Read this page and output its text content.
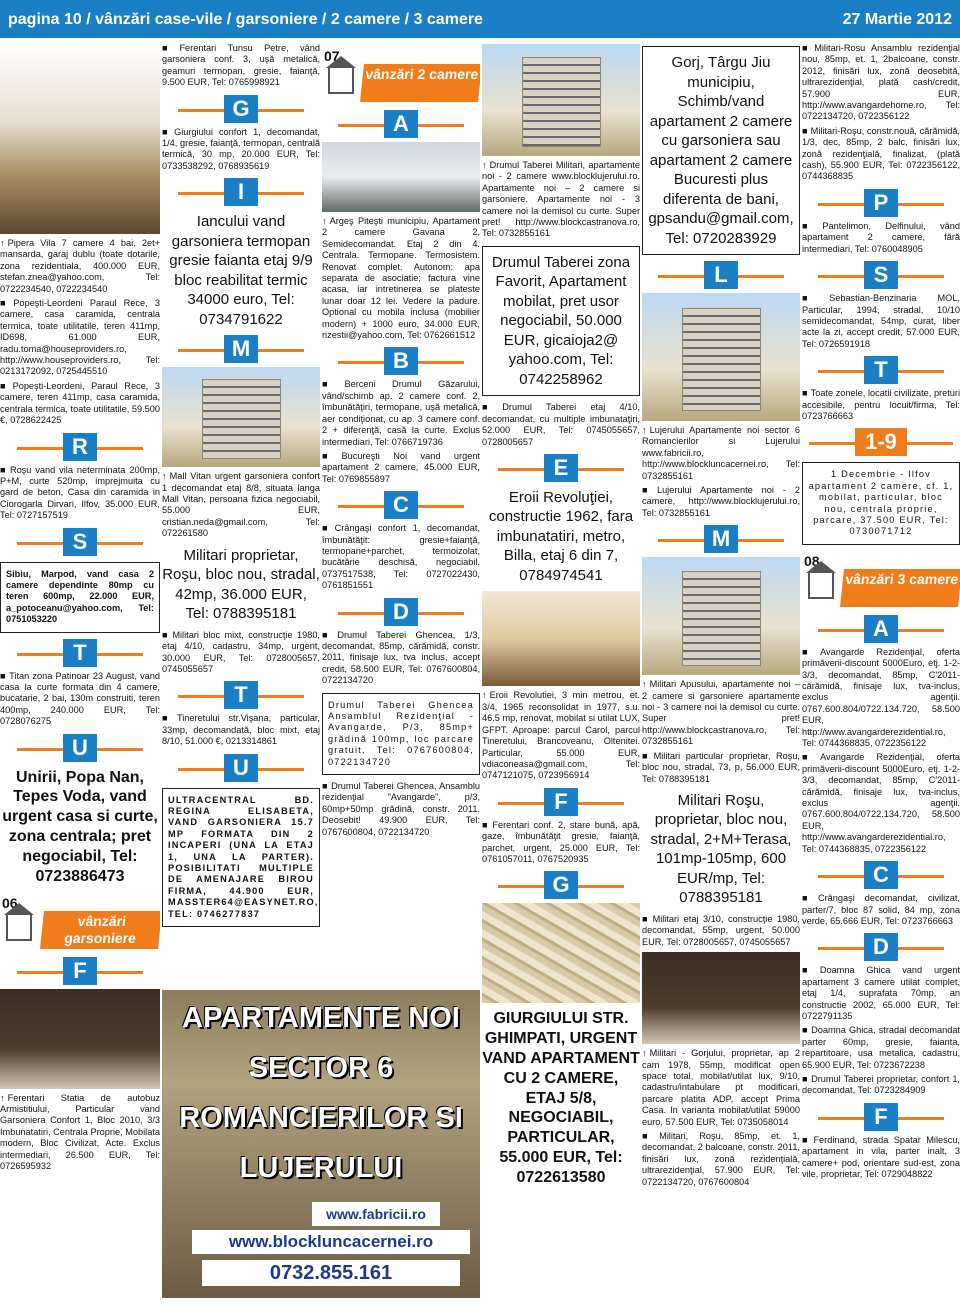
pagina 10 / vânzări case-vile / garsoniere / 2 camere / 3 camere	27 Martie 2012
↑ Pipera Vila 7 camere 4 bai, 2et+ mansarda, garaj dublu (toate dotarile, zona rezidentiala, 400.000 EUR, stefan.znea@yahoo.com, Tel: 0722234540, 0722234540
■ Popeşti-Leordeni Paraul Rece, 3 camere, casa caramida, centrala termica, toate utilitatile, teren 411mp, ID698, 61.000 EUR, radu.toma@houseproviders.ro, http://www.houseproviders.ro, Tel: 0213172092, 0725445510
■ Popeşti-Leordeni, Paraul Rece, 3 camere, teren 411mp, casa caramida, centrala termica, toate utilitatile, 59.500 €, 0728622425
R
■ Roşu vand vila neterminata 200mp, P+M, curte 520mp, imprejmuita cu gard de beton, Casa din caramida in Ciorogarla Dirvari, Ilfov, 35.000 EUR, Tel: 0727157519
S
Sibiu, Marpod, vand casa 2 camere dependinte 80mp cu teren 600mp, 22.000 EUR, a_potoceanu@yahoo.com, Tel: 0751053220
T
■ Titan zona Patinoar 23 August, vand casa la curte formata din 4 camere, bucatarie, 2 bai, 130m construiti, teren 400mp, 240.000 EUR, Tel: 0728076275
U
Unirii, Popa Nan, Tepes Voda, vand urgent casa si curte, zona centrala; pret negociabil, Tel: 0723886473
06
vânzări garsoniere
F
↑ Ferentari Statia de autobuz Armistitiului, Particular vand Garsoniera Confort 1, Bloc 2010, 3/3 Imbunatatiri, Centrala Proprie, Mobilata modern, Bloc Civilizat, Acte. Exclus intermediari, 26.500 EUR, Tel: 0726595932
■ Ferentari Tunsu Petre, vând garsoniera conf. 3, uşă metalică, geamuri termopan, gresie, faianţă, 9.500 EUR, Tel: 0765998921
G
■ Giurgiului confort 1, decomandat, 1/4, gresie, faianţă, termopan, centrală termică, 30 mp, 20.000 EUR, Tel: 0733538292, 0768935619
I
Iancului vand garsoniera termopan gresie faianta etaj 9/9 bloc reabilitat termic 34000 euro, Tel: 0734791622
M
↑ Mall Vitan urgent garsoniera confort 1 decomandat etaj 8/8, situata langa Mall Vitan, persoana fizica negociabil, 55.000 EUR, cristian.neda@gmail.com, Tel: 072261580
Militari proprietar, Roşu, bloc nou, stradal, 42mp, 36.000 EUR, Tel: 0788395181
■ Militari bloc mixt, construcţie 1980, etaj 4/10, cadastru, 34mp, urgent, 30.000 EUR, Tel: 0728005657, 0745055657
T
■ Tineretului str.Vişana, particular, 33mp, decomandată, bloc mixt, etaj 8/10, 51.000 €, 0213314861
U
ULTRACENTRAL BD. REGINA ELISABETA, VAND GARSONIERA 15.7 MP FORMATA DIN 2 INCAPERI (UNA LA ETAJ 1, UNA LA PARTER). POSIBILITATI MULTIPLE DE AMENAJARE BIROU FIRMA, 44.900 EUR, MASSTER64@EASYNET.RO, TEL: 0746277837
07
vânzări 2 camere
A
↑ Argeş Piteşti municipiu, Apartament 2 camere Gavana 2, Semidecomandat. Etaj 2 din 4. Centrala. Termopane. Termosistem. Renovat complet. Autonom: apa separata de asociatie; factura vine acasa, iar intretinerea se plateste lunar doar 12 lei. Vedere la padure. Optional cu mobila inclusa (mobilier modern) + 1000 euro, 34.000 EUR, rizestii@yahoo.com, Tel: 0762661512
B
■ Berceni Drumul Găzarului, vând/schimb ap. 2 camere conf. 2, îmbunătăţiri, termopane, uşă metalică, aer condiţionat, cu ap. 3 camere conf. 2 + diferenţă, casă la curte. Exclus intermediari, Tel: 0766719736
■ Bucureşti Noi vand urgent apartament 2 camere, 45.000 EUR, Tel: 0769855897
C
■ Crângaşi confort 1, decomandat, îmbunătăţit: gresie+faianţă, termopane+parchet, termoizolat, bucătărie deschisă, negociabil. 0737517538, Tel: 0727022430, 0761851551
D
■ Drumul Taberei Ghencea, 1/3, decomandat, 85mp, cărămidă, constr. 2011, finisaje lux, tva inclus, accept credit, 58.500 EUR, Tel: 0767600804, 0722134720
Drumul Taberei Ghencea Ansamblul Rezidenţial - Avangarde, P/3, 85mp+ grădină 100mp, loc parcare gratuit, Tel: 0767600804, 0722134720
■ Drumul Taberei Ghencea, Ansamblu rezidenţial "Avangarde", p/3, 60mp+50mp grădină, constr. 2011. Deosebit! 49.900 EUR, Tel: 0767600804, 0722134720
↑ Drumul Taberei Militari, apartamente noi - 2 camere www.blocklujerului.ro. Apartamente noi – 2 camere si garsoniere. Apartamente noi - 3 camere noi la demisol cu curte. Super pret! http://www.blockcastranova.ro, Tel: 0732855161
Drumul Taberei zona Favorit, Apartament mobilat, pret usor negociabil, 50.000 EUR, gicaioja2@ yahoo.com, Tel: 0742258962
■ Drumul Taberei etaj 4/10, decomandat, cu multiple imbunataţiri, 52.000 EUR, Tel: 0745055657, 0728005657
E
Eroii Revoluţiei, constructie 1962, fara imbunatatiri, metro, Billa, etaj 6 din 7, 0784974541
↑ Eroii Revolutiei, 3 min metrou, et. 3/4, 1965 reconsolidat in 1977, s.u. 46.5 mp, renovat, mobilat si utilat LUX, GFPT. Aproape: parcul Carol, parcul Tineretului, Brancoveanu, Oltenitei. Particular, 55.000 EUR, vdiaconeasa@gmail.com, Tel: 0747121075, 0723956914
F
■ Ferentari conf. 2, stare bună, apă, gaze, îmbunătăţit gresie, faianţă, parchet, urgent, 25.000 EUR, Tel: 0761057011, 0767520935
G
GIURGIULUI STR. GHIMPATI, URGENT VAND APARTAMENT CU 2 CAMERE, ETAJ 5/8, NEGOCIABIL, PARTICULAR, 55.000 EUR, Tel: 0722613580
APARTAMENTE NOI
SECTOR 6
ROMANCIERILOR SI
LUJERULUI
www.fabricii.ro
www.blockluncacernei.ro
0732.855.161
Gorj, Târgu Jiu municipiu, Schimb/vand apartament 2 camere cu garsoniera sau apartament 2 camere Bucuresti plus diferenta de bani, gpsandu@gmail.com, Tel: 0720283929
L
↑ Lujerului Apartamente noi sector 6 Romancierilor si Lujerului www.fabricii.ro, http://www.blockluncacernei.ro, Tel: 0732855161
■ Lujerului Apartamente noi - 2 camere, http://www.blocklujerului.ro, Tel: 0732855161
M
↑ Militari Apusului, apartamente noi – 2 camere si garsoniere apartamente noi - 3 camere noi la demisol cu curte. Super pret! http://www.blockcastranova.ro, Tel: 0732855161
■ Militari particular proprietar, Roşu, bloc nou, stradal, 73, p, 56.000 EUR, Tel: 0788395181
Militari Roşu, proprietar, bloc nou, stradal, 2+M+Terasa, 101mp-105mp, 600 EUR/mp, Tel: 0788395181
■ Militari etaj 3/10, construcţie 1980, decomandat, 55mp, urgent, 50.000 EUR, Tel: 0728005657, 0745055657
↑ Militari - Gorjului, proprietar, ap 2 cam 1978, 55mp, modificat open space total, mobilat/utilat lux, 9/10, cadastru/intabulare pt modificari, parcare platita ADP, accept Prima Casa. In varianta mobilat/utilat 59000 euro, 57.500 EUR, Tel: 0735058014
■ Militari, Roşu, 85mp, et. 1, decomandat, 2 balcoane, constr. 2011, finisări lux, zonă rezidenţială, ultrarezidenţial, 57.900 EUR, Tel: 0722134720, 0767600804
■ Militari-Rosu Ansamblu rezidenţial nou, 85mp, et. 1, 2balcoane, constr. 2012, finisări lux, zonă deosebită, ultrarezidenţial, plată cash/credit, 57.900 EUR, http://www.avangardehome.ro, Tel: 0722134720, 0722356122
■ Militari-Roşu, constr.nouă, cărămidă, 1/3, dec, 85mp, 2 balc, finisări lux, zonă rezidenţială, finalizat, (plată cash), 55.900 EUR, Tel: 0722356122, 0744368835
P
■ Pantelimon, Delfinului, vând apartament 2 camere, fără intermediari, Tel: 0760048905
S
■ Sebastian-Benzinaria MOL, Particular, 1994, stradal, 10/10 semidecomandat, 54mp, curat, liber acte la zi, accept credit, 57.000 EUR, Tel: 0726591918
T
■ Toate zonele, locatii civilizate, preturi accesibile, pentru locuit/firma, Tel: 0723766663
1-9
1 Decembrie - Ilfov apartament 2 camere, cf. 1, mobilat, particular, bloc nou, centrala proprie, parcare, 37.500 EUR, Tel: 0730071712
08
vânzări 3 camere
A
■ Avangarde Rezidenţial, oferta primăverii-discount 5000Euro, etj. 1-2-3/3, decomandat, 85mp, C'2011-cărămidă, finisaje lux, tva-inclus, exclus agenţii. 0767.600.804/0722.134.720, 58.500 EUR, http://www.avangarderezidential.ro, Tel: 0744368835, 0722356122
■ Avangarde Rezidenţial, oferta primăverii-discount 5000Euro, etj. 1-2-3/3, decomandat, 85mp, C'2011-cărămidă, finisaje lux, tva-inclus, exclus agenţii. 0767.600.804/0722.134.720, 58.500 EUR, http://www.avangarderezidential.ro, Tel: 0744368835, 0722356122
C
■ Crângaşi decomandat, civilizat, parter/7, bloc 87 solid, 84 mp, zona verde, 65.666 EUR, Tel: 0723766663
D
■ Doamna Ghica vand urgent apartament 3 camere utilat complet, etaj 1/4, suprafata 70mp, an constructie 2002, 65.000 EUR, Tel: 0722791135
■ Doamna Ghica, stradal decomandat parter 60mp, gresie, faianta, repartitoare, usa metalica, cadastru, 65.900 EUR, Tel: 0723672238
■ Drumul Taberei proprietar, confort 1, decomandat, Tel: 0723284909
F
■ Ferdinand, strada Spatar Milescu, apartament in vila, parter inalt, 3 camere+ pod, orientare sud-est, zona vile, proprietar, Tel: 0729048822
